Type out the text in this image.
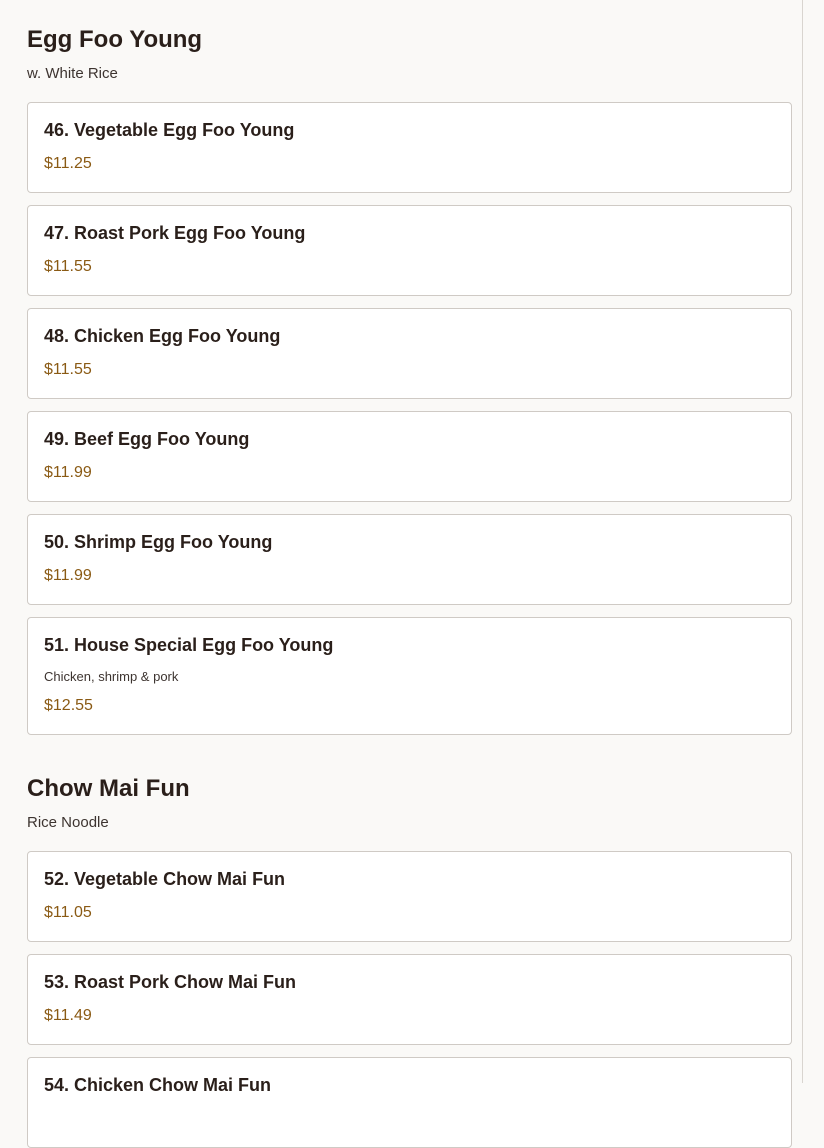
Egg Foo Young

w. White Rice

46. Vegetable Egg Foo Young
$11.25
47. Roast Pork Egg Foo Young
$11.55
48. Chicken Egg Foo Young
$11.55
49. Beef Egg Foo Young
$11.99
50. Shrimp Egg Foo Young
$11.99
51. House Special Egg Foo Young
Chicken, shrimp & pork
$12.55
Chow Mai Fun

Rice Noodle

52. Vegetable Chow Mai Fun
$11.05
53. Roast Pork Chow Mai Fun
$11.49
54. Chicken Chow Mai Fun
